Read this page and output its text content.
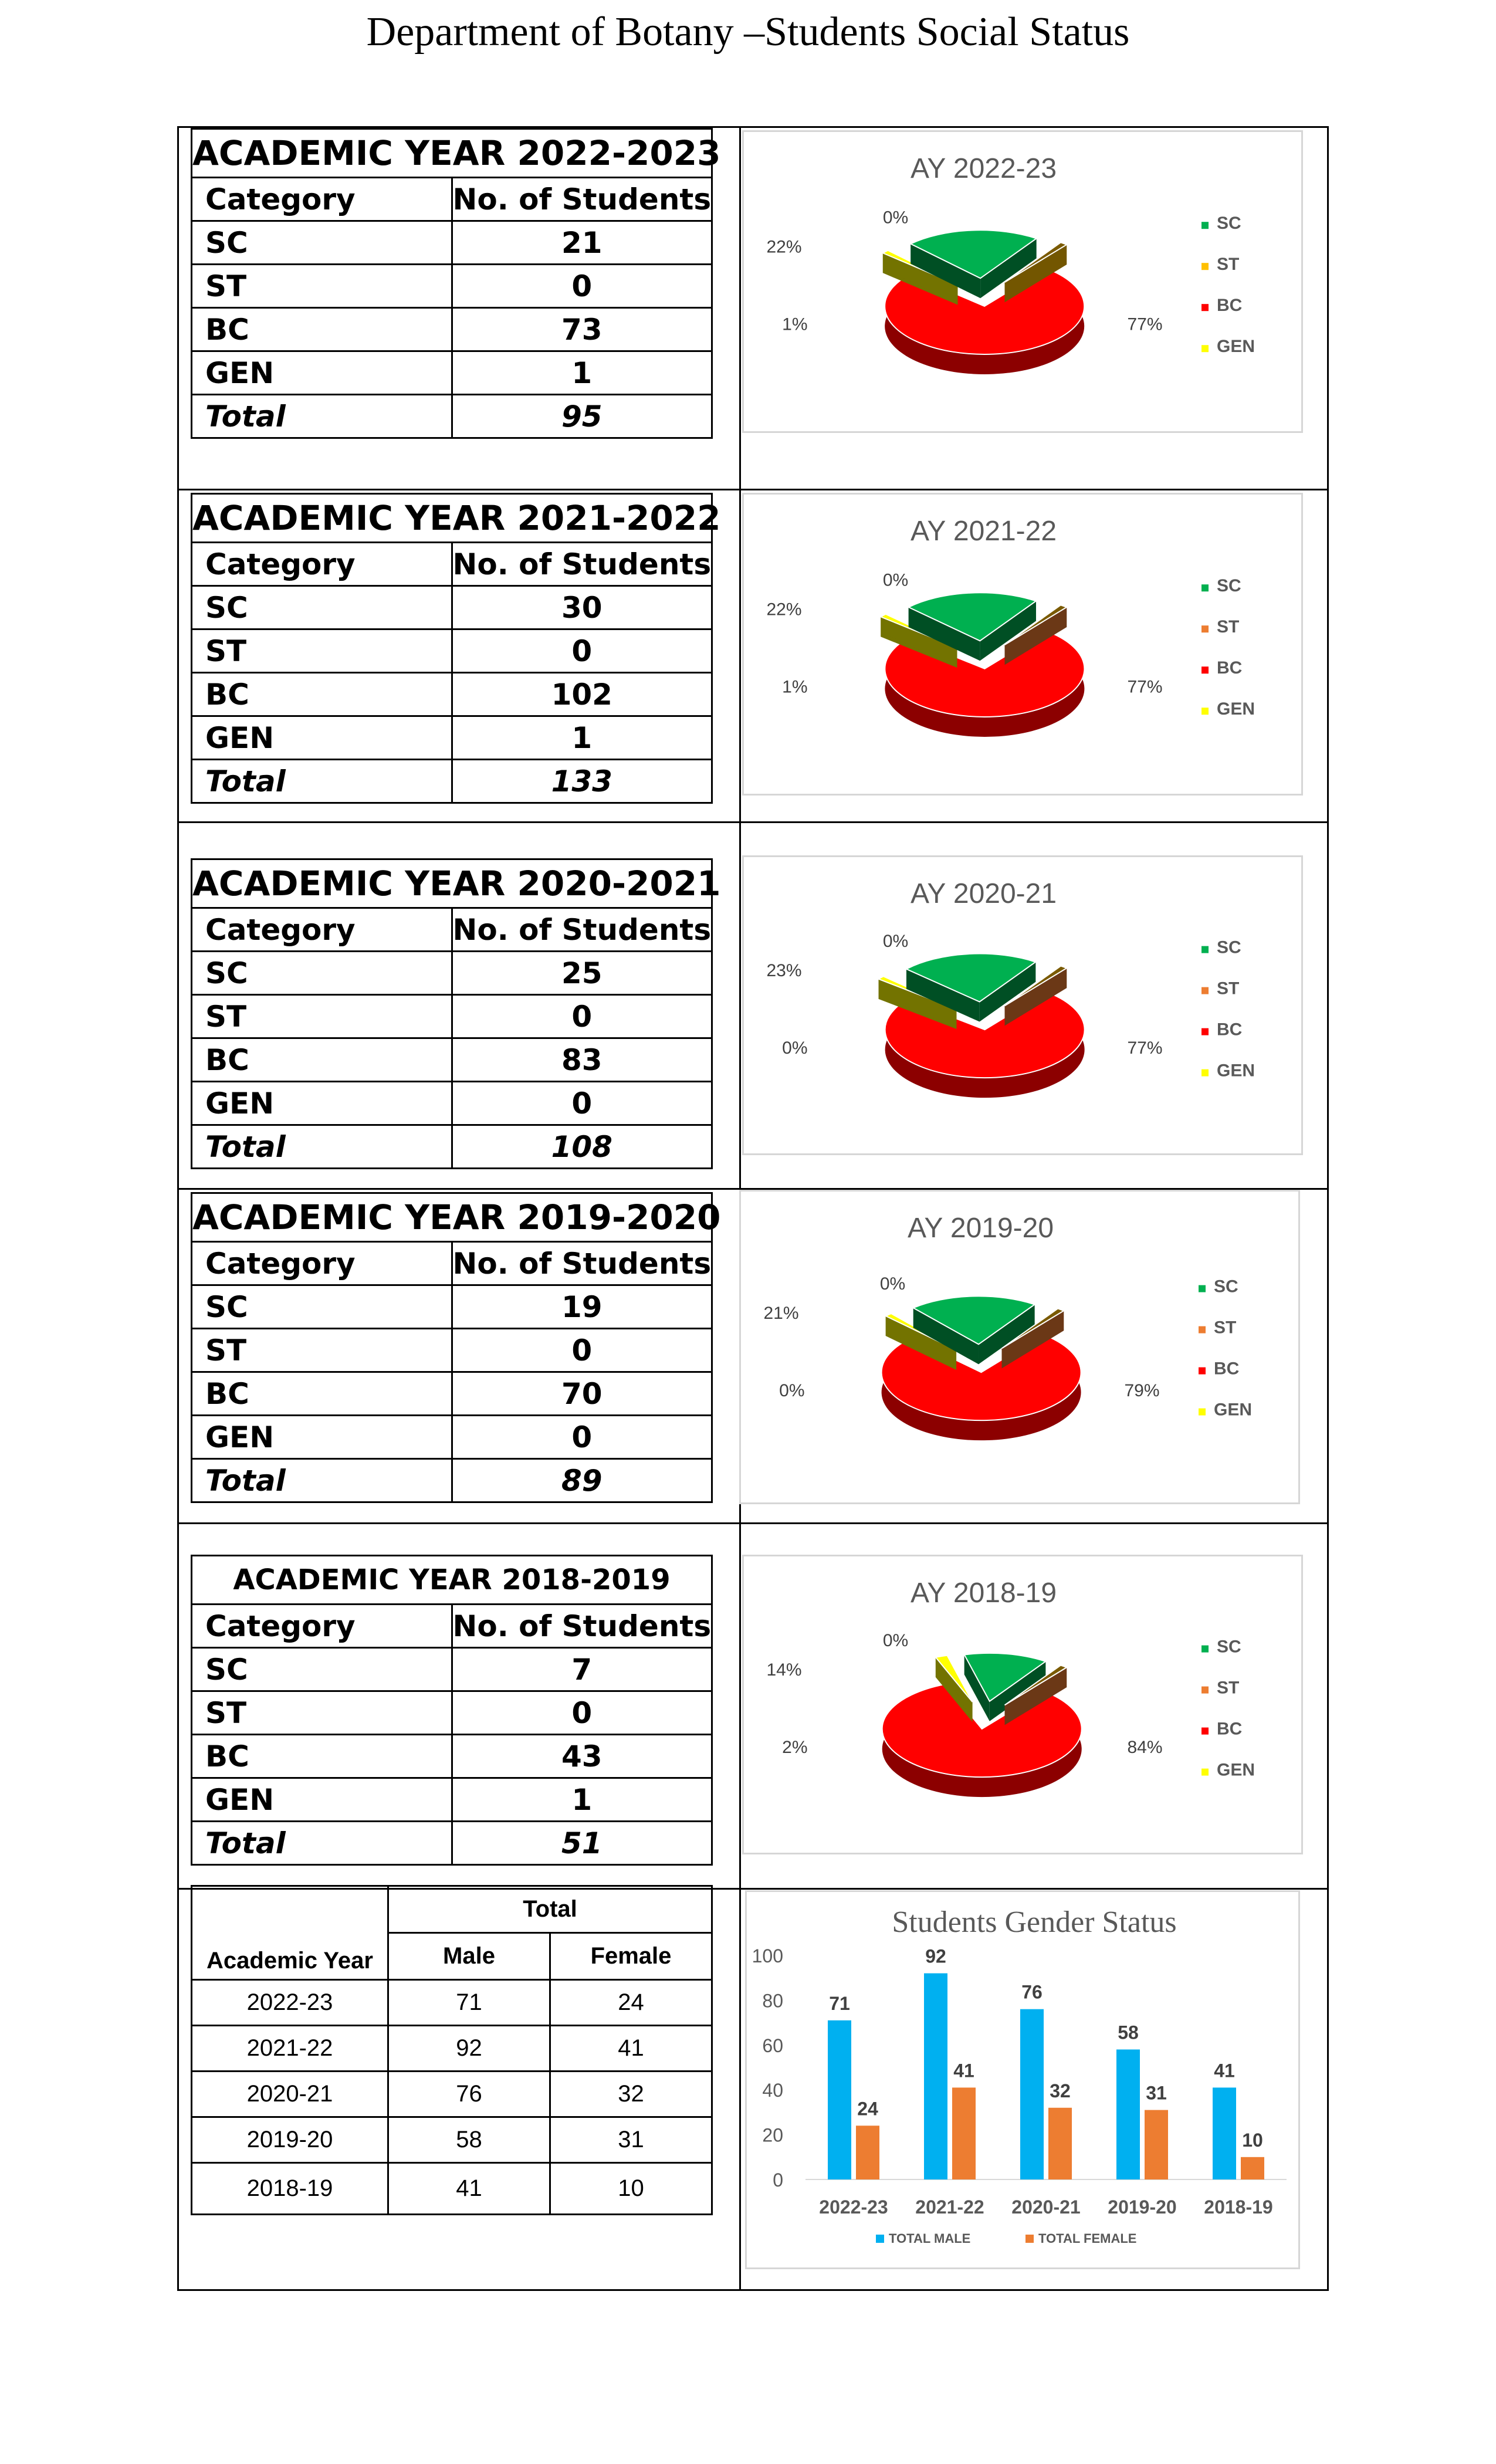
Department of Botany –Students Social Status
ACADEMIC YEAR 2022-2023	
Category	No. of Students
SC	21
ST	0
BC	73
GEN	1
Total	95
ACADEMIC YEAR 2021-2022	
Category	No. of Students
SC	30
ST	0
BC	102
GEN	1
Total	133
ACADEMIC YEAR 2020-2021	
Category	No. of Students
SC	25
ST	0
BC	83
GEN	0
Total	108
ACADEMIC YEAR 2019-2020	
Category	No. of Students
SC	19
ST	0
BC	70
GEN	0
Total	89
ACADEMIC YEAR 2018-2019	
Category	No. of Students
SC	7
ST	0
BC	43
GEN	1
Total	51
AY 2022-23
22%
0%
77%
1%
SC
ST
BC
GEN
AY 2021-22
22%
0%
77%
1%
SC
ST
BC
GEN
AY 2020-21
23%
0%
77%
0%
SC
ST
BC
GEN
AY 2019-20
21%
0%
79%
0%
SC
ST
BC
GEN
AY 2018-19
14%
0%
84%
2%
SC
ST
BC
GEN
Academic Year	Total	
	Male	Female
2022-23	71	24
2021-22	92	41
2020-21	76	32
2019-20	58	31
2018-19	41	10
Students Gender Status
0
20
40
60
80
100
71
24
2022-23
92
41
2021-22
76
32
2020-21
58
31
2019-20
41
10
2018-19
TOTAL MALE	TOTAL FEMALE
